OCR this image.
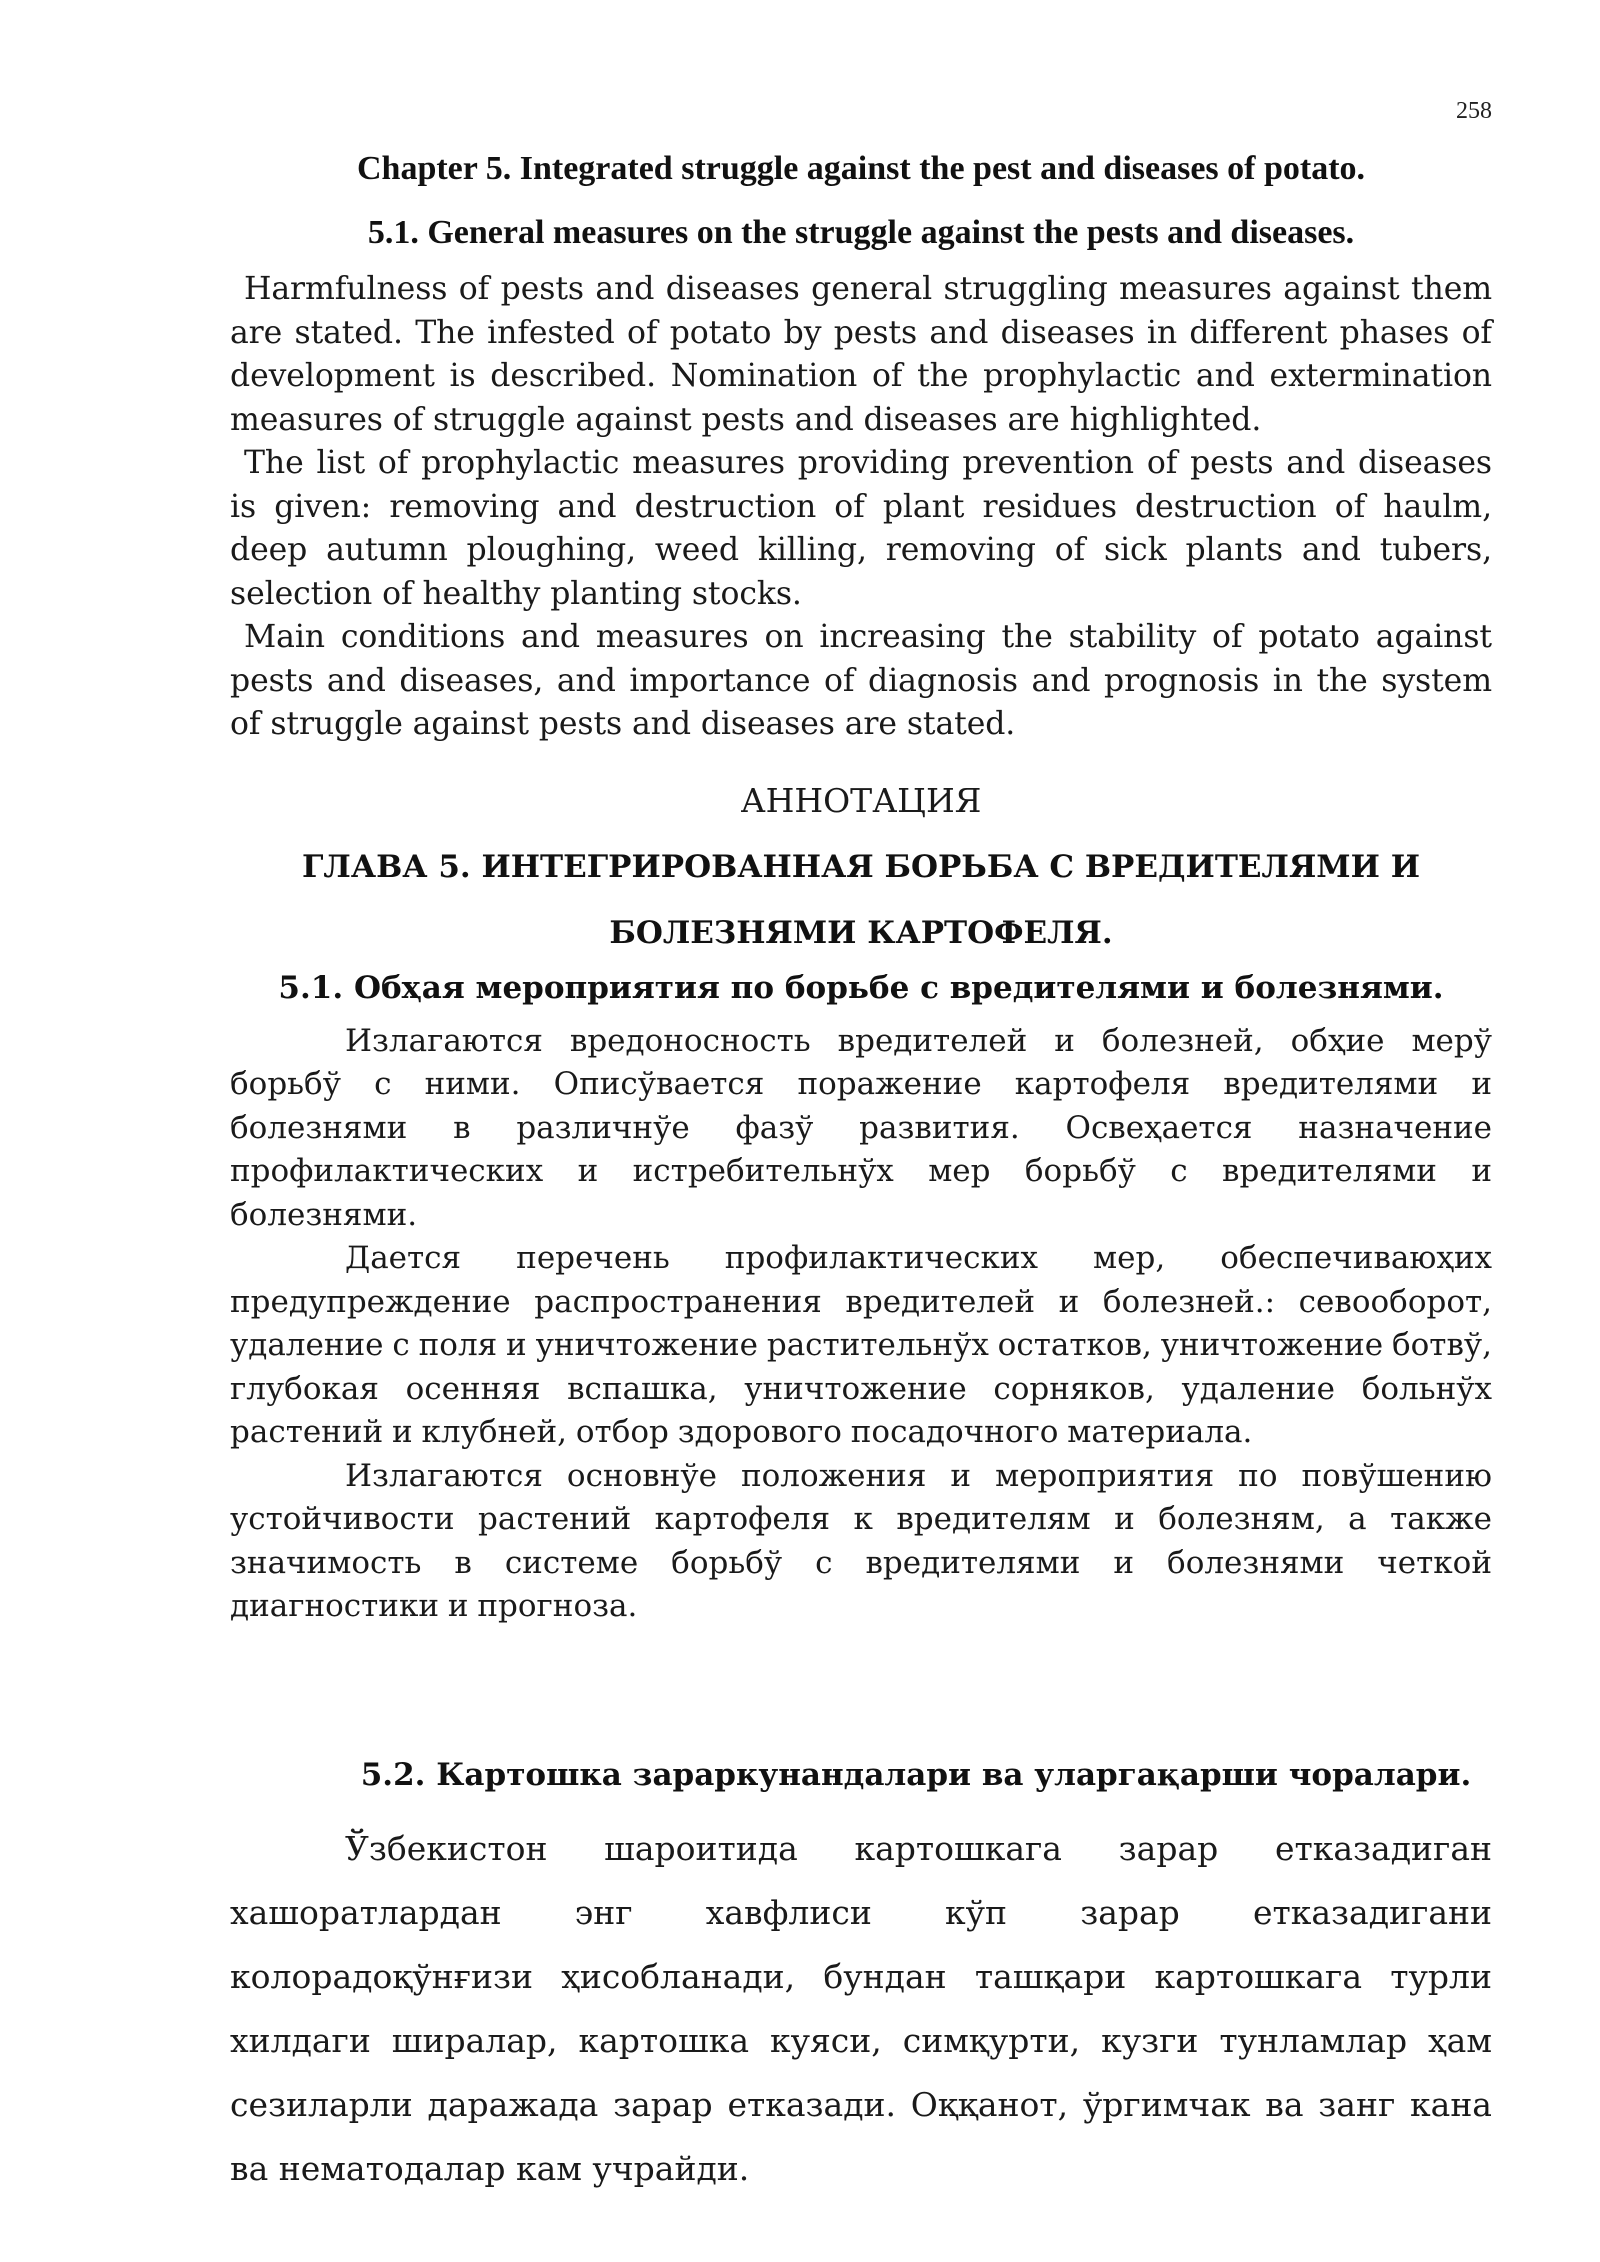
258
Chapter 5. Integrated struggle against the pest and diseases of potato.
5.1. General measures on the struggle against the pests and diseases.

Harmfulness of pests and diseases general struggling measures against them are stated. The infested of potato by pests and diseases in different phases of development is described. Nomination of the prophylactic and extermination measures of struggle against pests and diseases are highlighted.

The list of prophylactic measures providing prevention of pests and diseases is given: removing and destruction of plant residues destruction of haulm, deep autumn ploughing, weed killing, removing of sick plants and tubers, selection of healthy planting stocks.

Main conditions and measures on increasing the stability of potato against pests and diseases, and importance of diagnosis and prognosis in the system of struggle against pests and diseases are stated.

АННОТАЦИЯ
ГЛАВА 5. ИНТЕГРИРОВАННАЯ БОРЬБА С ВРЕДИТЕЛЯМИ И
БОЛЕЗНЯМИ КАРТОФЕЛЯ.
5.1. Обҳая мероприятия по борьбе с вредителями и болезнями.

Излагаются вредоносность вредителей и болезней, обҳие мерў борьбў с ними. Описўвается поражение картофеля вредителями и болезнями в различнўе фазў развития. Освеҳается назначение профилактических и истребительнўх мер борьбў с вредителями и болезнями.

Дается перечень профилактических мер, обеспечиваюҳих предупреждение распространения вредителей и болезней.: севооборот, удаление с поля и уничтожение растительнўх остатков, уничтожение ботвў, глубокая осенняя вспашка, уничтожение сорняков, удаление больнўх растений и клубней, отбор здорового посадочного материала.

Излагаются основнўе положения и мероприятия по повўшению устойчивости растений картофеля к вредителям и болезням, а также значимость в системе борьбў с вредителями и болезнями четкой диагностики и прогноза.

5.2. Картошка зараркунандалари ва уларгақарши чоралари.

Ўзбекистон шароитида картошкага зарар етказадиган хашоратлардан энг хавфлиси кўп зарар етказадигани колорадоқўнғизи ҳисобланади, бундан ташқари картошкага турли хилдаги ширалар, картошка куяси, симқурти, кузги тунламлар ҳам сезиларли даражада зарар етказади. Оққанот, ўргимчак ва занг кана ва нематодалар кам учрайди.
